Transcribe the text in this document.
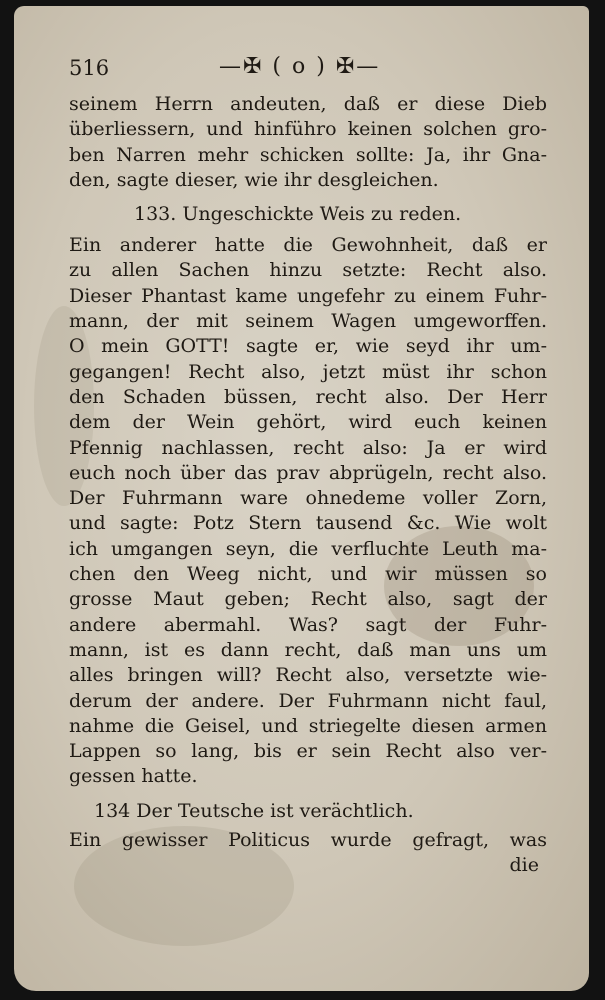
516	—✠ ( o ) ✠—
seinem Herrn andeuten, daß er diese Dieb
überliessern, und hinführo keinen solchen gro-
ben Narren mehr schicken sollte: Ja, ihr Gna-
den, sagte dieser, wie ihr desgleichen.
133. Ungeschickte Weis zu reden.
Ein anderer hatte die Gewohnheit, daß er
zu allen Sachen hinzu setzte: Recht also.
Dieser Phantast kame ungefehr zu einem Fuhr-
mann, der mit seinem Wagen umgeworffen.
O mein GOTT! sagte er, wie seyd ihr um-
gegangen! Recht also, jetzt müst ihr schon
den Schaden büssen, recht also. Der Herr
dem der Wein gehört, wird euch keinen
Pfennig nachlassen, recht also: Ja er wird
euch noch über das prav abprügeln, recht also.
Der Fuhrmann ware ohnedeme voller Zorn,
und sagte: Potz Stern tausend &c. Wie wolt
ich umgangen seyn, die verfluchte Leuth ma-
chen den Weeg nicht, und wir müssen so
grosse Maut geben; Recht also, sagt der
andere abermahl. Was? sagt der Fuhr-
mann, ist es dann recht, daß man uns um
alles bringen will? Recht also, versetzte wie-
derum der andere. Der Fuhrmann nicht faul,
nahme die Geisel, und striegelte diesen armen
Lappen so lang, bis er sein Recht also ver-
gessen hatte.
134 Der Teutsche ist verächtlich.
Ein gewisser Politicus wurde gefragt, was
die
